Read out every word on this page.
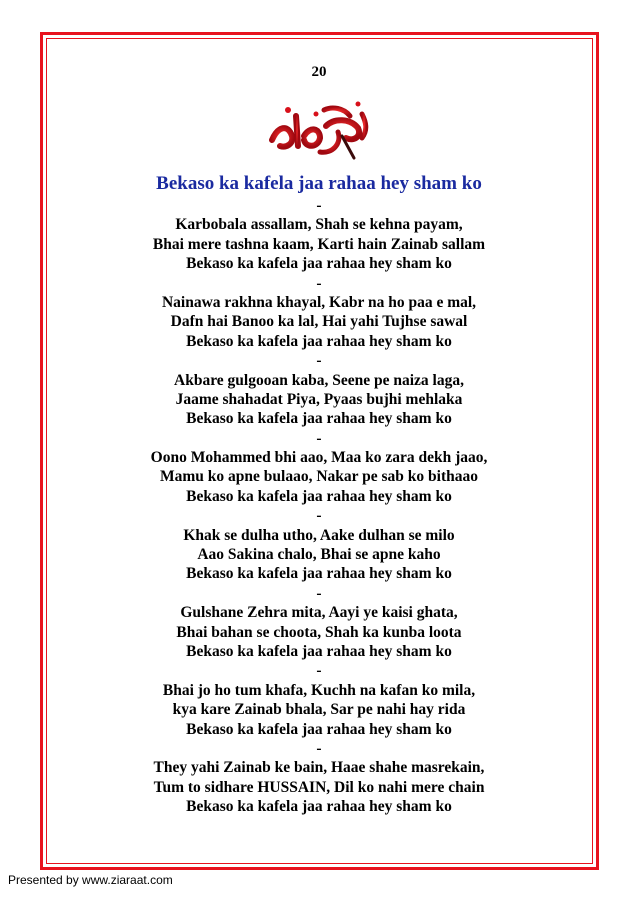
20
Bekaso ka kafela jaa rahaa hey sham ko
-
Karbobala assallam, Shah se kehna payam,
Bhai mere tashna kaam, Karti hain Zainab sallam
Bekaso ka kafela jaa rahaa hey sham ko
-
Nainawa rakhna khayal, Kabr na ho paa e mal,
Dafn hai Banoo ka lal, Hai yahi Tujhse sawal
Bekaso ka kafela jaa rahaa hey sham ko
-
Akbare gulgooan kaba, Seene pe naiza laga,
Jaame shahadat Piya, Pyaas bujhi mehlaka
Bekaso ka kafela jaa rahaa hey sham ko
-
Oono Mohammed bhi aao, Maa ko zara dekh jaao,
Mamu ko apne bulaao, Nakar pe sab ko bithaao
Bekaso ka kafela jaa rahaa hey sham ko
-
Khak se dulha utho, Aake dulhan se milo
Aao Sakina chalo, Bhai se apne kaho
Bekaso ka kafela jaa rahaa hey sham ko
-
Gulshane Zehra mita, Aayi ye kaisi ghata,
Bhai bahan se choota, Shah ka kunba loota
Bekaso ka kafela jaa rahaa hey sham ko
-
Bhai jo ho tum khafa, Kuchh na kafan ko mila,
kya kare Zainab bhala, Sar pe nahi hay rida
Bekaso ka kafela jaa rahaa hey sham ko
-
They yahi Zainab ke bain, Haae shahe masrekain,
Tum to sidhare HUSSAIN, Dil ko nahi mere chain
Bekaso ka kafela jaa rahaa hey sham ko
Presented by www.ziaraat.com
